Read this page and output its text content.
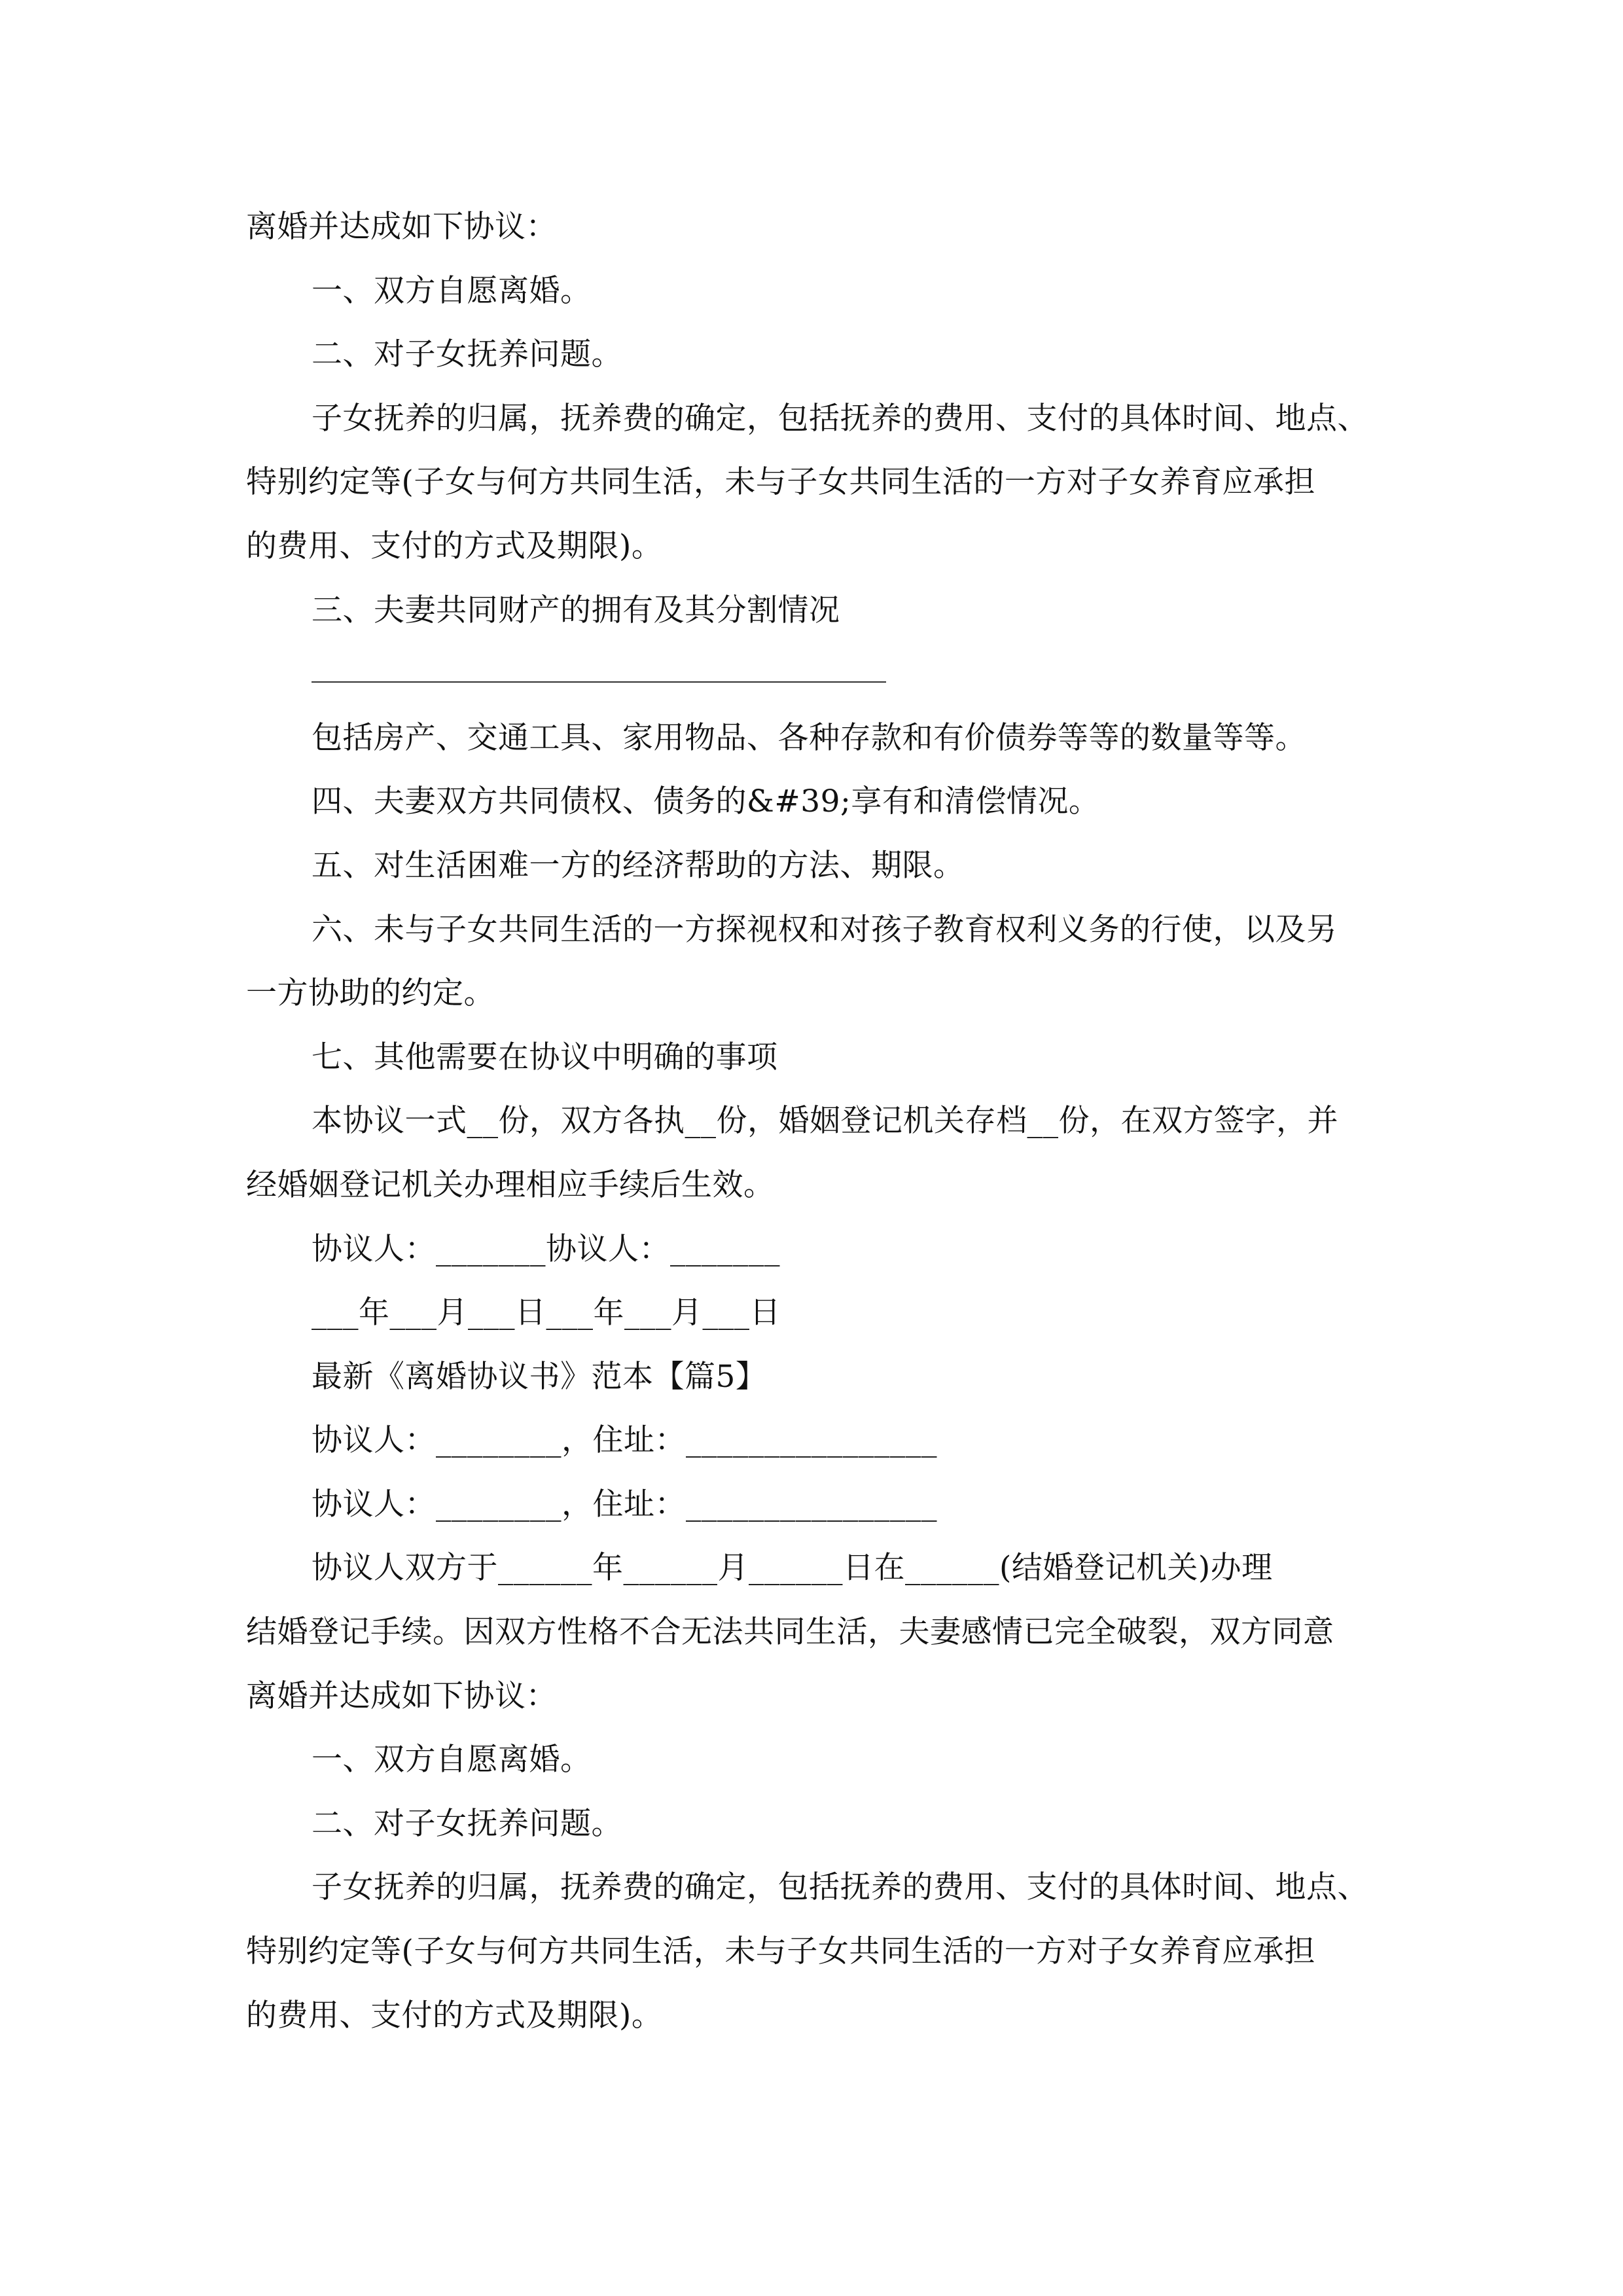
离婚并达成如下协议：
一、双方自愿离婚。
二、对子女抚养问题。
子女抚养的归属，抚养费的确定，包括抚养的费用、支付的具体时间、地点、
特别约定等(子女与何方共同生活，未与子女共同生活的一方对子女养育应承担
的费用、支付的方式及期限)。
三、夫妻共同财产的拥有及其分割情况
包括房产、交通工具、家用物品、各种存款和有价债券等等的数量等等。
四、夫妻双方共同债权、债务的&#39;享有和清偿情况。
五、对生活困难一方的经济帮助的方法、期限。
六、未与子女共同生活的一方探视权和对孩子教育权利义务的行使，以及另
一方协助的约定。
七、其他需要在协议中明确的事项
本协议一式__份，双方各执__份，婚姻登记机关存档__份，在双方签字，并
经婚姻登记机关办理相应手续后生效。
协议人：_______协议人：_______
___年___月___日___年___月___日
最新《离婚协议书》范本【篇5】
协议人：________，住址：________________
协议人：________，住址：________________
协议人双方于______年______月______日在______(结婚登记机关)办理
结婚登记手续。因双方性格不合无法共同生活，夫妻感情已完全破裂，双方同意
离婚并达成如下协议：
一、双方自愿离婚。
二、对子女抚养问题。
子女抚养的归属，抚养费的确定，包括抚养的费用、支付的具体时间、地点、
特别约定等(子女与何方共同生活，未与子女共同生活的一方对子女养育应承担
的费用、支付的方式及期限)。
